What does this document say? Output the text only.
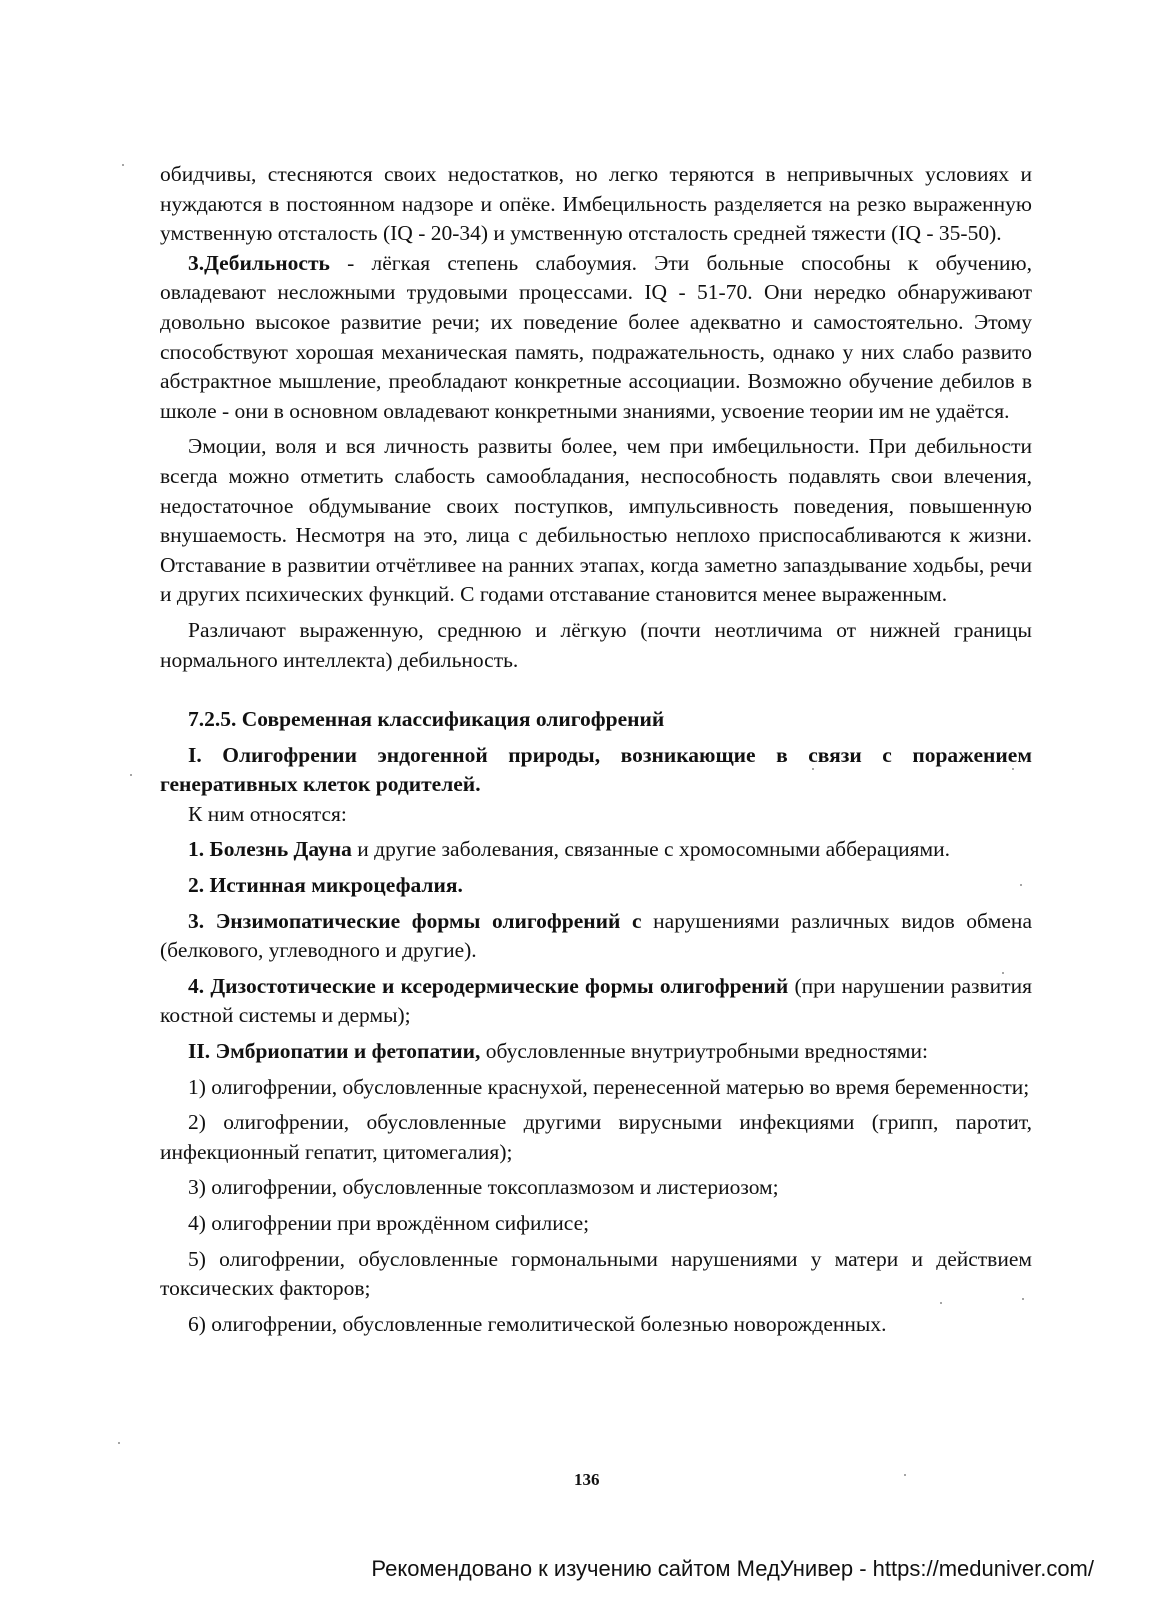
обидчивы, стесняются своих недостатков, но легко теряются в непривычных условиях и нуждаются в постоянном надзоре и опёке. Имбецильность разделяется на резко выраженную умственную отсталость (IQ - 20-34) и умственную отсталость средней тяжести (IQ - 35-50).

3.Дебильность - лёгкая степень слабоумия. Эти больные способны к обучению, овладевают несложными трудовыми процессами. IQ - 51-70. Они нередко обнаруживают довольно высокое развитие речи; их поведение более адекватно и самостоятельно. Этому способствуют хорошая механическая память, подражательность, однако у них слабо развито абстрактное мышление, преобладают конкретные ассоциации. Возможно обучение дебилов в школе - они в основном овладевают конкретными знаниями, усвоение теории им не удаётся.

Эмоции, воля и вся личность развиты более, чем при имбецильности. При дебильности всегда можно отметить слабость самообладания, неспособность подавлять свои влечения, недостаточное обдумывание своих поступков, импульсивность поведения, повышенную внушаемость. Несмотря на это, лица с дебильностью неплохо приспосабливаются к жизни. Отставание в развитии отчётливее на ранних этапах, когда заметно запаздывание ходьбы, речи и других психических функций. С годами отставание становится менее выраженным.

Различают выраженную, среднюю и лёгкую (почти неотличима от нижней границы нормального интеллекта) дебильность.

7.2.5. Современная классификация олигофрений

I. Олигофрении эндогенной природы, возникающие в связи с поражением генеративных клеток родителей.

К ним относятся:

1. Болезнь Дауна и другие заболевания, связанные с хромосомными абберациями.

2. Истинная микроцефалия.

3. Энзимопатические формы олигофрений с нарушениями различных видов обмена (белкового, углеводного и другие).

4. Дизостотические и ксеродермические формы олигофрений (при нарушении развития костной системы и дермы);

II. Эмбриопатии и фетопатии, обусловленные внутриутробными вредностями:

1) олигофрении, обусловленные краснухой, перенесенной матерью во время беременности;

2) олигофрении, обусловленные другими вирусными инфекциями (грипп, паротит, инфекционный гепатит, цитомегалия);

3) олигофрении, обусловленные токсоплазмозом и листериозом;

4) олигофрении при врождённом сифилисе;

5) олигофрении, обусловленные гормональными нарушениями у матери и действием токсических факторов;

6) олигофрении, обусловленные гемолитической болезнью новорожденных.

136
Рекомендовано к изучению сайтом МедУнивер - https://meduniver.com/
